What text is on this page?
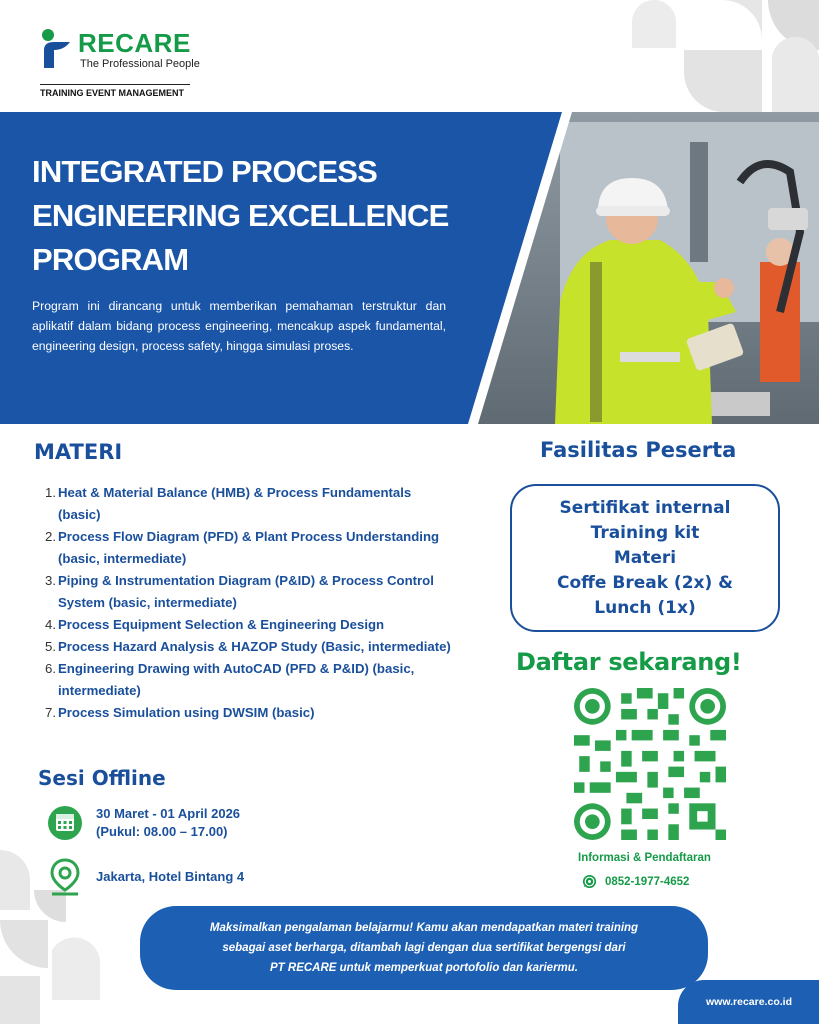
RECARE
The Professional People
TRAINING EVENT MANAGEMENT
INTEGRATED PROCESS
ENGINEERING EXCELLENCE
PROGRAM
Program ini dirancang untuk memberikan pemahaman terstruktur dan aplikatif dalam bidang process engineering, mencakup aspek fundamental, engineering design, process safety, hingga simulasi proses.
MATERI
1. Heat & Material Balance (HMB) & Process Fundamentals (basic)
2. Process Flow Diagram (PFD) & Plant Process Understanding (basic, intermediate)
3. Piping & Instrumentation Diagram (P&ID) & Process Control System (basic, intermediate)
4. Process Equipment Selection & Engineering Design
5. Process Hazard Analysis & HAZOP Study (Basic, intermediate)
6. Engineering Drawing with AutoCAD (PFD & P&ID) (basic, intermediate)
7. Process Simulation using DWSIM (basic)
Sesi Offline
30 Maret - 01 April 2026
(Pukul: 08.00 – 17.00)
Jakarta, Hotel Bintang 4
Fasilitas Peserta
Sertifikat internal
Training kit
Materi
Coffe Break (2x) &
Lunch (1x)
Daftar sekarang!
Informasi & Pendaftaran
0852-1977-4652
Maksimalkan pengalaman belajarmu! Kamu akan mendapatkan materi training
sebagai aset berharga, ditambah lagi dengan dua sertifikat bergengsi dari
PT RECARE untuk memperkuat portofolio dan kariermu.
www.recare.co.id
